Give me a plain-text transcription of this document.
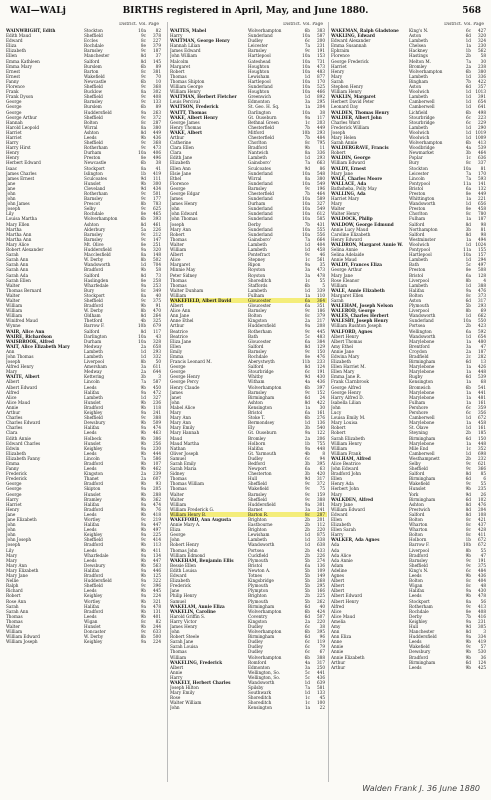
WAI—WALj	BIRTHS registered in April, May, and June 1880.	568
District. Vol. Page
WAINWRIGHT, Edith	Stockton	10a	82
Edith Maud	Sheffield	9c	378
Edward	Eccles	8c	227
Eliza	Rochdale	8e	379
Elizabeth	Barnsley	9c	187
Ellen	Manchester	8d	37
Emma Kathleen	Salford	8d	145
Emma Mary	Burslem	6b	89
Ernest	Barton	8c	381
Ernest	Wakefield	9c	70
Fanny	Newcastle	6b	10
Florence	Sheffield	9c	368
Frank	Bucklow	8a	302
Frank Dyson	Sheffield	9c	408
George	Barnsley	9c	133
George	Burslem	6b	89
George	Huddersfield	9a	263
George Arthur	Sheffield	9c	372
Hannah	Bolton	8c	287
Harold Leopold	Wirral	8a	380
Harriet	Ashton	8d	449
Harriet	Leeds	9b	436
Harry	Sheffield	9c	368
Harry Hirst	Rotherham	9c	473
Henry	Durham	10a	406
Henry	Preston	8e	496
Herbert Edward	Newcastle	6b	38
Isaac	Stockport	8a	41
James Charles	Islington	1b	419
James Ernest	Sculcoates	9d	111
Jane	Hunslet	9b	300
Jane	Cleveland	9d	434
John	Rotherham	9c	501
John	Barnsley	9c	177
John James	Prescot	8b	783
Joseph	Selby	9c	625
Lily	Rochdale	8e	465
Louisa Martha	Wolverhampton	6b	393
Mary Ellen	Ashton	8d	461
Martha	Alderbury	5a	226
Martha Ann	Barnsley	9c	212
Martha Ann	Barnsley	9c	147
Mary Alice	Mt. Olive	8e	251
Robert Alexander	Huddersfield	9a	320
Sarah	Macclesfield	8a	148
Sarah Ann	W. Derby	8b	502
Sarah Ann	Wandsworth	1d	704
Sarah Ann	Bradford	9b	58
Sarah Ada	Salford	8d	73
Sarah Ellen	Haslingden	8e	258
Walter	Wharfedale	9a	253
Thomas Bernard	Bury	8c	349
Walter	Stockport	8a	40
Walter	Sheffield	9c	375
William	Bradford	9b	91
William	W. Derby	8b	470
William	Oldham	8d	264
Winifred Maud	Thetford	4b	325
Wynne	Barrow F.	10b	679
WAIR, Alice Ann	Salford	8d	117
WAIRE, Richardson	Darlington	10a	43
WAISBROOK, Alfred	Durham	10a	328
WAIT, Alice Elizabeth Mary	Medway	2a	658
Ann	Lambeth	1d	293
John Thomas	Lambeth	1d	332
Joseph	Liverpool	8b	50
Alfred Henry	Amersham	3a	611
Mary	Medway	2a	644
WAITE, Albert	Kettering	3b	3
Albert	Lincoln	7a	587
Albert Edward	Leeds	9b	450
Alfred	Halifax	9a	472
Alice	Lambeth	1d	327
Alice Maud	Hunslet	9b	236
Annie	Bradford	9b	118
Arthur	Keighley	9a	241
Charles	Sheffield	9c	388
Charles Edward	Dewsbury	9b	509
Charles	Halifax	9a	474
Clara	Leeds	9b	463
Edith Annie	Holbeck	9b	386
Edward Charles	Hunslet	9b	256
Edwin	Keighley	9a	230
Elizabeth	Leeds	9b	444
Elizabeth Fanny	Lincoln	7a	586
Emma	Bradford	9b	107
Fanny	Leeds	9b	462
Frederick	Kingston	2a	239
Frederick	Thanet	2a	607
George	Bradford	9b	93
George	Skipton	9a	205
George	Hunslet	9b	288
Harry	Bramley	9b	362
Harriet	Halifax	9a	474
Henry	Bradford	9b	76
Jane	Leeds	9b	418
Jane Elizabeth	Wortley	9c	219
John	Halifax	9a	447
John	Leeds	9b	497
John	Keighley	9a	225
John Joseph	Sheffield	9c	414
Joseph	Bradford	9b	113
Lily	Leeds	9b	411
Mary	Wharfedale	9a	134
Mary	Leeds	9b	447
Mary Ann	Dewsbury	9b	563
Mary Elizabeth	Halifax	9a	446
Mary Jane	Bradford	9b	125
Nellie	Huddersfield	9a	322
Ralph	Sheffield	9c	396
Richard	Leeds	9b	445
Robert	Keighley	9a	224
Rose Ann	Wortley	9b	321
Sarah	Halifax	9a	478
Sarah Ann	Bradford	9b	131
Thomas	Leeds	9b	401
Thomas	Wigan	8c	82
Walter	Hunslet	9b	244
William	Doncaster	9c	633
William Edward	W. Derby	8b	500
William Joseph	Keighley	9a	224
District. Vol. Page
WAITES, Mabel	Wolverhampton	6b	383
Harry	Sunderland	10a	587
WAITMAN, George Henry	Dudley	6c	200
Hannah Lilian	Leicester	7a	231
James Edward	Barnsley	9c	191
John William	Hartlepool	10a	153
Malcolm	Gateshead	10a	731
Margaret	Houghton	10a	473
Robert	Houghton	10a	483
Thomas	Lewisham	1d	877
Thomas Shipton	Hartlepool	10a	170
William George	Sunderland	10a	525
William Henry	Houghton	10a	466
WAITMAN, Herbert Fletcher	Greenwich	1d	892
Louis Percival	Edmonton	3a	295
WAITSON, Frederick	St. Geo. H. Sq.	1a	204
WAITT, Thomas	Darlington	10a	38
WAKE, Albert Henry	Gt. Ouseburn	9a	117
George James	Bethnal Green	1c	203
Henry Thomas	Chesterfield	7b	449
WAKE, Albert	Mitford	10b	293
Arthur	Chesterfield	7b	484
Catherine	Chorlton	8c	795
Clara Ellen	Bradford	9b	11
Clara	Nantwich	8a	336
Edith Jane	Lambeth	1d	293
Elizabeth	Gainsboro'	7a	663
Ellen Ann	Sculcoates	9d	86
Elsie Jane	Sunderland	10a	548
Ethel	Wirral	8a	380
Florence	Sunderland	10a	549
George	Barnsley	9c	196
George Edgar	Chesterfield	7b	464
James	Sunderland	10a	589
James Henry	Durham	10a	327
John	Sunderland	10a	549
John Edward	Sunderland	10a	612
John Thomas	Sunderland	10a	585
Joseph	Derby	7b	431
Mary Ann	Sunderland	10a	555
Robert	Sunderland	10a	556
Thomas	Gainsboro'	7a	664
Walter	Lambeth	1d	404
William	Lambeth	1d	458
Albert	Pontefract	9c	46
Alice	Stepney	1c	561
Margaret	Ripon	9a	35
Minnie May	Royston	3a	473
Peter Sidney	Royston	3a	478
Thomas	Shoreditch	1c	55
Thomas	Staffords	6b	5
Walter Dunham	Lambeth	1d	339
William	Fulham	1a	110
WAKEFIELD, Albert David	Gloucester	6a	364
Albert	Gloucester	6a	351
Alice Ann	Barnsley	9c	186
Ann Jane	Bolton	8c	379
Anne Ethel	Kingston	2a	217
Arthur	Huddersfield	9a	208
Beatrice	Rotherham	9c	445
Beatrice	Bath	5c	483
Eliza Jane	Gloucester	6a	384
Ellen	Salford	8d	129
Emily	Barnsley	9c	150
Emma	Rochdale	8e	476
Francis Leonard M.	Aberystwyth	11b	233
George	Salford	8d	124
George	Stourbridge	6c	191
George Henry	Whitby	9d	430
George Percy	Witham	4a	436
Henry Claude	Wolverhampton	6b	397
James	Barnsley	9c	152
Janet	Birmingham	6d	24
John	Ashton	8d	422
Mabel Alice	Kensington	1a	30
Mary	Bristol	6a	161
Mary Ann	Stoke T.	6b	276
Mary Ann	Bermondsey	1d	136
Mary Emily	Ely	3b	540
Mary Hannah	Gt. Ouseburn	9a	122
Maud	Bromley	2a	206
Maud Martha	Holborn	1b	755
Nathan	Halifax	9a	448
Oliver Joseph	Gt. Yarmouth	4b	8
Samuel	Dudley	6c	94
Sarah Emily	Bedford	3b	395
Sarah Maria	Newport	6a	63
Sidney	Chesterton	3b	420
Thomas	Hull	9d	317
Thomas William	Sheffield	9c	372
Thomas	Wakefield	9c	75
Walter	Barnsley	9c	159
Walter	Sheffield	9c	388
William	Huddersfield	9a	301
William Frederick G.	Barnet	3a	241
William Henry B.	Barton R.	8c	287
WAKEFORD, Ann Augusta	Brighton	2b	201
Annie Mary A.	Eastbourne	2b	112
Eliza	Brighton	2b	220
George	Lewisham	1d	875
John	Lambeth	1d	338
Robert Henry	Wandsworth	1d	638
Thomas John	Portsea	2b	433
William Edmond	Cuckfield	2b	226
WAKEHAM, Benjamin Ellis	Plymouth	5b	274
Bessie Ellen	Bristol	6a	136
Edith Louisa	Newton A.	5b	109
Edward	Totnes	5b	149
Elizabeth	Kingsbridge	5b	268
Frederick	Plymouth	5b	295
Jane	Plympton	5b	166
Philip Henry	Brighton	2b	225
Samuel	Plymouth	5b	262
WAKELAM, Annie Eliza	Birmingham	6d	40
WAKELIN, Caroline	Wolverhampton	6b	424
Harold Griffin S.	Coventry	6d	507
Harry Victor	Kingston	2a	220
James Henry	Dudley	6c	38
John	Wolverhampton	6b	395
Robert Steele	Birmingham	6d	96
Sarah Jane	Dudley	6c	119
Sarah Louisa	Dudley	6c	79
Thomas	Dudley	6c	67
William	Wolverhampton	6b	388
WAKELING, Frederick	Romford	4a	317
Albert	Edmonton	3a	250
Annie	Wellington, So.	5c	441
Harry	Wellington, So.	5c	436
WAKELY, Herbert Charles	Wandsworth	1d	639
Joseph Hilton	Spilsby	7a	581
Mary Emily	Southwark	1d	133
Rose	Shoreditch	1c	45
Walter William	Shoreditch	1c	100
John	Kensington	1a	22
District. Vol. Page
WAKEMAN, Ralph Gladstone	King's N.	6c	427
WAKLING, Edward	Aston	6d	320
Edward Alexander	Lambeth	1d	324
Emma Susannah	Chelsea	1a	230
Ephraim	Hackney	1b	562
Florence	Hastings	2b	58
George Frederick	Melton M.	7a	30
Harriet	Bromley	2a	238
Henry	Wolverhampton	6b	380
Mary	Lambeth	1d	336
Sarah	Bingham	7b	422
Stephen Henry	Aston	6d	357
William Henry	Woolwich	1d	1013
WAKLIN, Margaret	Lambeth	1d	391
Herbert David Peter	Camberwell	1d	654
Leonard Day	Camberwell	1d	641
WALDEN, Thomas Henry	Lichfield	6b	498
WALDER, Albert John	Stourbridge	6c	223
Charles Ward	Stourbridge	6c	229
Frederick William	Lambeth	1d	290
Joseph	Woolwich	1d	1019
Mary Helen	Woolwich	1d	1009
Sarah Annie	Wolverhampton	6b	413
WALDERGRAVE, Francis	Woodbridge	4a	539
Robert	Newmarket	3b	464
WALDIN, George	Poplar	1c	636
William Edward	Bury	8c	337
WALDY, Ernest	Stockton	10a	81
Mary Jane	Leicester	7a	170
WALE, Charles Moore	Lincoln	7a	593
WALLACE, Ada	Pontypool	11a	141
Bathsheba, Polly May	Bristol	6a	132
WALLING, Ada	Preston	8e	449
Harriet Mary	Whittington	1a	221
Mary	Wandsworth	1d	656
Walter	Preston	8e	458
Walter Henry	Chorlton	8c	780
WALDOCK, Philip	Fulham	1a	187
WALDOW, George Edmund	Salford	8d	98
Annie Lucy Maud	Northampton	3b	81
Caroline Elizabeth	Salford	8d	98
Henry Edward	Westminster	1a	494
WALDRON, Margaret Annie W.	Woolwich	1d	1024
Selina Annie	Pontypool	11a	155
Selina Adelaide	Hartlepool	10a	157
Annie Maud	Lambeth	1d	294
WALDY, Frances Eliza	Bath	5c	497
George Arthur	Preston	8e	508
Mary Jane	Bristol	6a	128
Rose Eleanor	Liverpool	8b	4
William	Lambeth	1d	388
WALE, Annie Elizabeth	Halifax	9a	476
Margaret Ellen	Bolton	8c	373
Sarah	Aston	6d	317
WALEHAM, Joseph Nelson	Plymouth	5b	293
WALEROD, George	Liverpool	8b	69
WALES, Charles Herbert	Wandsworth	1d	662
WALESBY, Joseph Henry	Sunderland	10a	550
William Rushton Joseph	Portsea	2b	423
WALFORD, Agnes	Wellington	6a	592
Albert Henry	Wandsworth	1d	654
Albert Thomas	Marylebone	1a	480
Amy Ethel	Brentford	3a	47
Annie Jane	Croydon	2a	187
Edwina Mary	Bradfield	2c	282
Elizabeth	Birmingham	6d	13
Ellen Harriet M.	Marylebone	1a	426
Ellen Mary	Marylebone	1a	448
Emma Jane R.	Rugby	6d	539
Frank Clarnbrook	Kensington	1a	68
George Alfred	Bromwich	6b	541
George Henry	Marylebone	1a	441
Harry Alfred D.	Marylebone	1a	481
Isabella Lilian	Fulham	1a	161
John	Pershore	6c	359
Lucy	Pershore	6c	356
Louisa Emily M.	Camberwell	1d	672
Mary Louisa	Marylebone	1a	458
Robert	St. Olave	1d	161
Robert	Steyning	2b	185
Sarah Elizabeth	Birmingham	6d	150
William Henry	Marylebone	1a	448
William	Mile End	1c	352
William Frank	Camberwell	1d	698
WALHAM, Alfred	Westhampnett	2b	232
Alice Beatrice	Selby	9c	621
John Edward	Sheffield	9c	366
Bradford John	Salford	8d	85
Ellen	Birmingham	6d	6
Henry Ada	Wakefield	9c	55
Herbert John	Hunslet	9b	235
Mary	York	9d	26
WALKDEN, Alfred	Birmingham	6d	102
Mary Jane	Ashton	8d	476
William Edward	Prestwich	8d	204
Edward	Salford	8d	108
Ellen	Bolton	8c	421
Elizabeth	Wharton	8c	437
Ellen Sarah	Wharton	8c	428
Harry	Bolton	8c	411
WALKER, Ada Agnes	Holborn	1b	672
Ada	Barrow F.	10b	672
Ada	Liverpool	8b	55
Ada Alice	Bradford	9b	47
Ada Annie	Barnsley	9c	191
Adam	Sheffield	9c	375
Adeline	King's N.	6c	484
Agnes	Leeds	9b	436
Albert	Bolton	8c	404
Albert	Wigan	8c	48
Albert	Halifax	9a	430
Albert Edward	Leeds	9b	478
Albert Henry	Stockport	8a	56
Alfred	Rotherham	9c	413
Alice	Rochdale	8e	408
Alice Maud	Derby	7b	416
Amelia	Keighley	9a	231
Amy	Hull	9d	305
Ann	Manchester	8d	3
Ann Eliza	Huddersfield	9a	334
Anne	Leeds	9b	419
Annie	Wakefield	9c	57
Annie	Dewsbury	9b	530
Annie Elizabeth	Bradford	9b	36
Arthur	Birmingham	6d	124
Arthur	Leeds	9b	425
Walden Frank J. 36 June 1880
